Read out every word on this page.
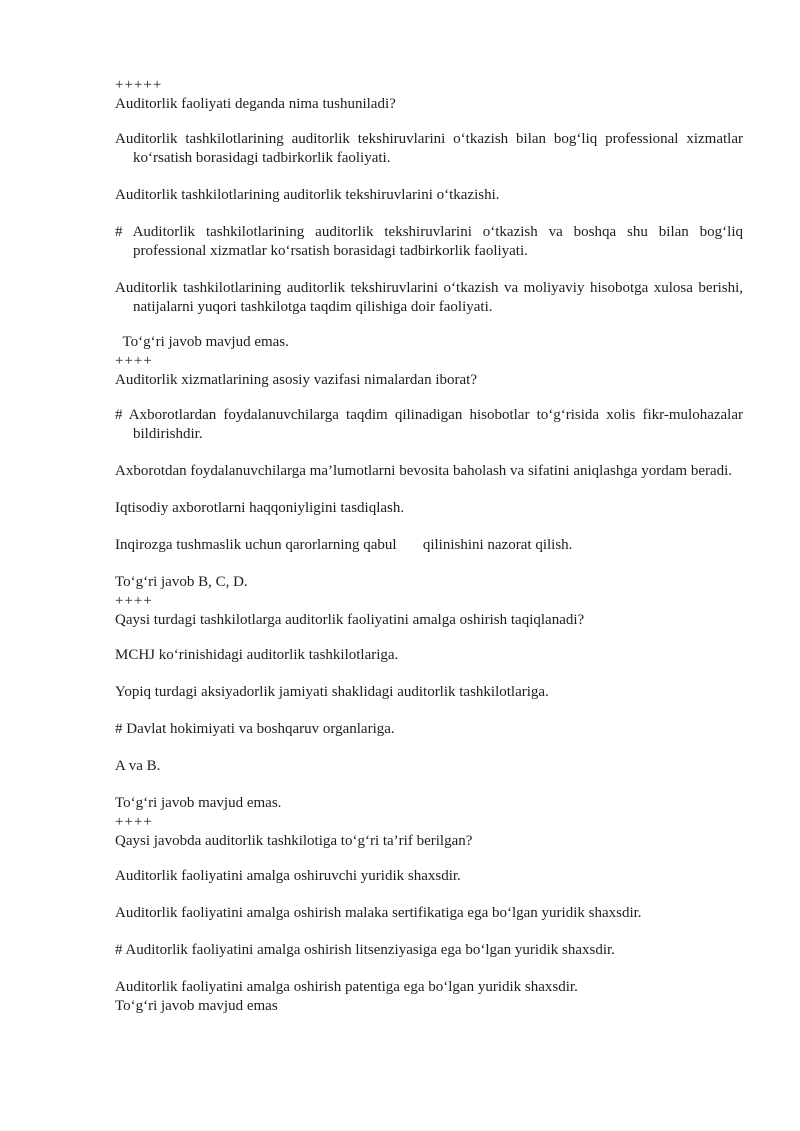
+++++

Auditorlik faoliyati deganda nima tushuniladi?

Auditorlik tashkilotlarining auditorlik tekshiruvlarini o‘tkazish bilan bog‘liq professional xizmatlar ko‘rsatish borasidagi tadbirkorlik faoliyati.

Auditorlik tashkilotlarining auditorlik tekshiruvlarini o‘tkazishi.

# Auditorlik tashkilotlarining auditorlik tekshiruvlarini o‘tkazish va boshqa shu bilan bog‘liq professional xizmatlar ko‘rsatish borasidagi tadbirkorlik faoliyati.

Auditorlik tashkilotlarining auditorlik tekshiruvlarini o‘tkazish va moliyaviy hisobotga xulosa berishi, natijalarni yuqori tashkilotga taqdim qilishiga doir faoliyati.

To‘g‘ri javob mavjud emas.

++++

Auditorlik xizmatlarining asosiy vazifasi nimalardan iborat?

# Axborotlardan foydalanuvchilarga taqdim qilinadigan hisobotlar to‘g‘risida xolis fikr-mulohazalar bildirishdir.

Axborotdan foydalanuvchilarga ma’lumotlarni bevosita baholash va sifatini aniqlashga yordam beradi.

Iqtisodiy axborotlarni haqqoniyligini tasdiqlash.

Inqirozga tushmaslik uchun qarorlarning qabul       qilinishini nazorat qilish.

To‘g‘ri javob B, C, D.

++++

Qaysi turdagi tashkilotlarga auditorlik faoliyatini amalga oshirish taqiqlanadi?

MCHJ ko‘rinishidagi auditorlik tashkilotlariga.

Yopiq turdagi aksiyadorlik jamiyati shaklidagi auditorlik tashkilotlariga.

# Davlat hokimiyati va boshqaruv organlariga.

A va B.

To‘g‘ri javob mavjud emas.

++++

Qaysi javobda auditorlik tashkilotiga to‘g‘ri ta’rif berilgan?

Auditorlik faoliyatini amalga oshiruvchi yuridik shaxsdir.

Auditorlik faoliyatini amalga oshirish malaka sertifikatiga ega bo‘lgan yuridik shaxsdir.

# Auditorlik faoliyatini amalga oshirish litsenziyasiga ega bo‘lgan yuridik shaxsdir.

Auditorlik faoliyatini amalga oshirish patentiga ega bo‘lgan yuridik shaxsdir.

To‘g‘ri javob mavjud emas
